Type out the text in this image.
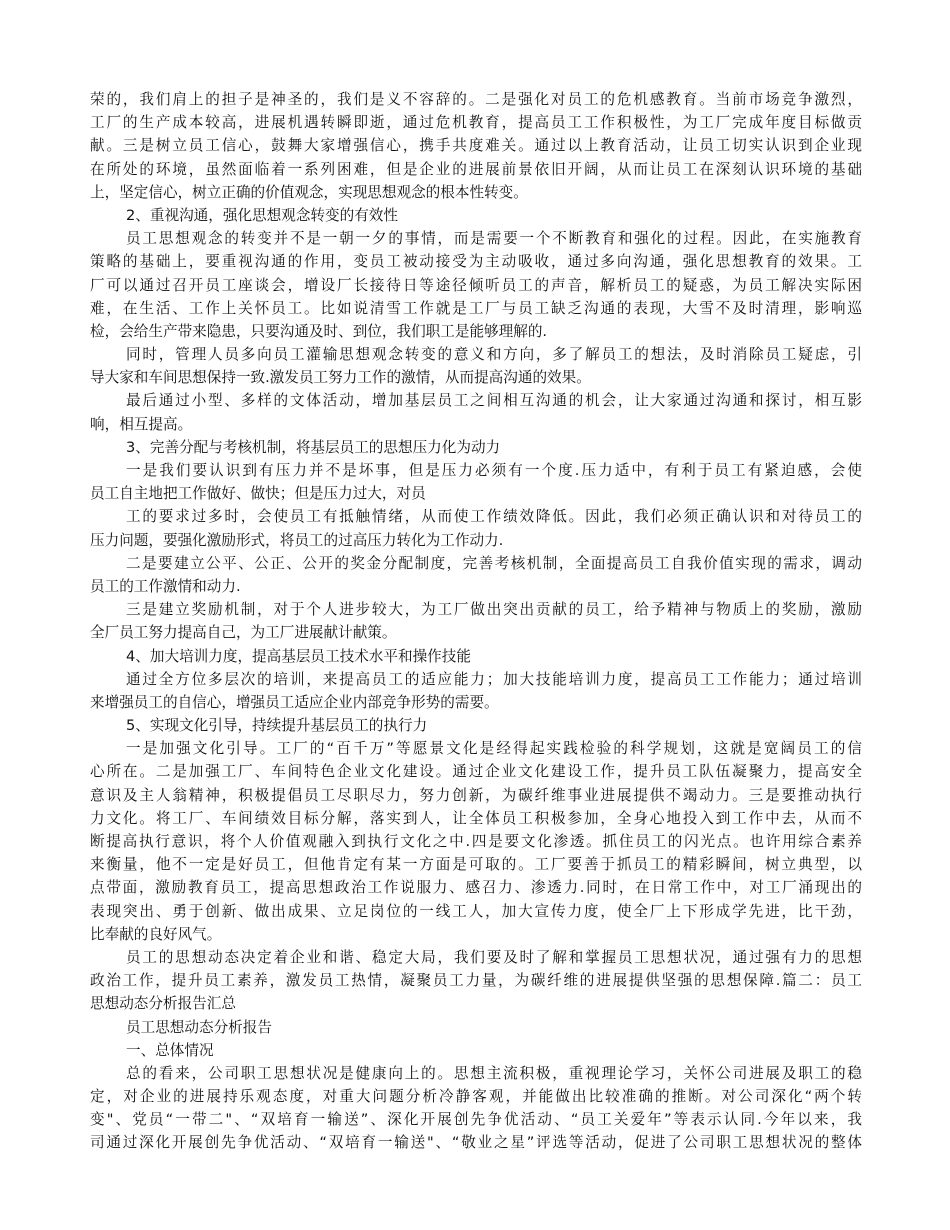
荣的，我们肩上的担子是神圣的，我们是义不容辞的。二是强化对员工的危机感教育。当前市场竞争激烈，
工厂的生产成本较高，进展机遇转瞬即逝，通过危机教育，提高员工工作积极性，为工厂完成年度目标做贡
献。三是树立员工信心，鼓舞大家增强信心，携手共度难关。通过以上教育活动，让员工切实认识到企业现
在所处的环境，虽然面临着一系列困难，但是企业的进展前景依旧开阔，从而让员工在深刻认识环境的基础
上，坚定信心，树立正确的价值观念，实现思想观念的根本性转变。
2、重视沟通，强化思想观念转变的有效性
员工思想观念的转变并不是一朝一夕的事情，而是需要一个不断教育和强化的过程。因此，在实施教育
策略的基础上，要重视沟通的作用，变员工被动接受为主动吸收，通过多向沟通，强化思想教育的效果。工
厂可以通过召开员工座谈会，增设厂长接待日等途径倾听员工的声音，解析员工的疑惑，为员工解决实际困
难，在生活、工作上关怀员工。比如说清雪工作就是工厂与员工缺乏沟通的表现，大雪不及时清理，影响巡
检，会给生产带来隐患，只要沟通及时、到位，我们职工是能够理解的.
同时，管理人员多向员工灌输思想观念转变的意义和方向，多了解员工的想法，及时消除员工疑虑，引
导大家和车间思想保持一致.激发员工努力工作的激情，从而提高沟通的效果。
最后通过小型、多样的文体活动，增加基层员工之间相互沟通的机会，让大家通过沟通和探讨，相互影
响，相互提高。
3、完善分配与考核机制，将基层员工的思想压力化为动力
一是我们要认识到有压力并不是坏事，但是压力必须有一个度.压力适中，有利于员工有紧迫感，会使
员工自主地把工作做好、做快；但是压力过大，对员
工的要求过多时，会使员工有抵触情绪，从而使工作绩效降低。因此，我们必须正确认识和对待员工的
压力问题，要强化激励形式，将员工的过高压力转化为工作动力.
二是要建立公平、公正、公开的奖金分配制度，完善考核机制，全面提高员工自我价值实现的需求，调动
员工的工作激情和动力.
三是建立奖励机制，对于个人进步较大，为工厂做出突出贡献的员工，给予精神与物质上的奖励，激励
全厂员工努力提高自己，为工厂进展献计献策。
4、加大培训力度，提高基层员工技术水平和操作技能
通过全方位多层次的培训，来提高员工的适应能力；加大技能培训力度，提高员工工作能力；通过培训
来增强员工的自信心，增强员工适应企业内部竞争形势的需要。
5、实现文化引导，持续提升基层员工的执行力
一是加强文化引导。工厂的“百千万”等愿景文化是经得起实践检验的科学规划，这就是宽阔员工的信
心所在。二是加强工厂、车间特色企业文化建设。通过企业文化建设工作，提升员工队伍凝聚力，提高安全
意识及主人翁精神，积极提倡员工尽职尽力，努力创新，为碳纤维事业进展提供不竭动力。三是要推动执行
力文化。将工厂、车间绩效目标分解，落实到人，让全体员工积极参加，全身心地投入到工作中去，从而不
断提高执行意识，将个人价值观融入到执行文化之中.四是要文化渗透。抓住员工的闪光点。也许用综合素养
来衡量，他不一定是好员工，但他肯定有某一方面是可取的。工厂要善于抓员工的精彩瞬间，树立典型，以
点带面，激励教育员工，提高思想政治工作说服力、感召力、渗透力.同时，在日常工作中，对工厂涌现出的
表现突出、勇于创新、做出成果、立足岗位的一线工人，加大宣传力度，使全厂上下形成学先进，比干劲，
比奉献的良好风气。
员工的思想动态决定着企业和谐、稳定大局，我们要及时了解和掌握员工思想状况，通过强有力的思想
政治工作，提升员工素养，激发员工热情，凝聚员工力量，为碳纤维的进展提供坚强的思想保障.篇二：员工
思想动态分析报告汇总
员工思想动态分析报告
一、总体情况
总的看来，公司职工思想状况是健康向上的。思想主流积极，重视理论学习，关怀公司进展及职工的稳
定，对企业的进展持乐观态度，对重大问题分析冷静客观，并能做出比较准确的推断。对公司深化“两个转
变"、党员“一带二"、“双培育一输送”、深化开展创先争优活动、“员工关爱年”等表示认同.今年以来，我
司通过深化开展创先争优活动、“双培育一输送"、“敬业之星”评选等活动，促进了公司职工思想状况的整体
